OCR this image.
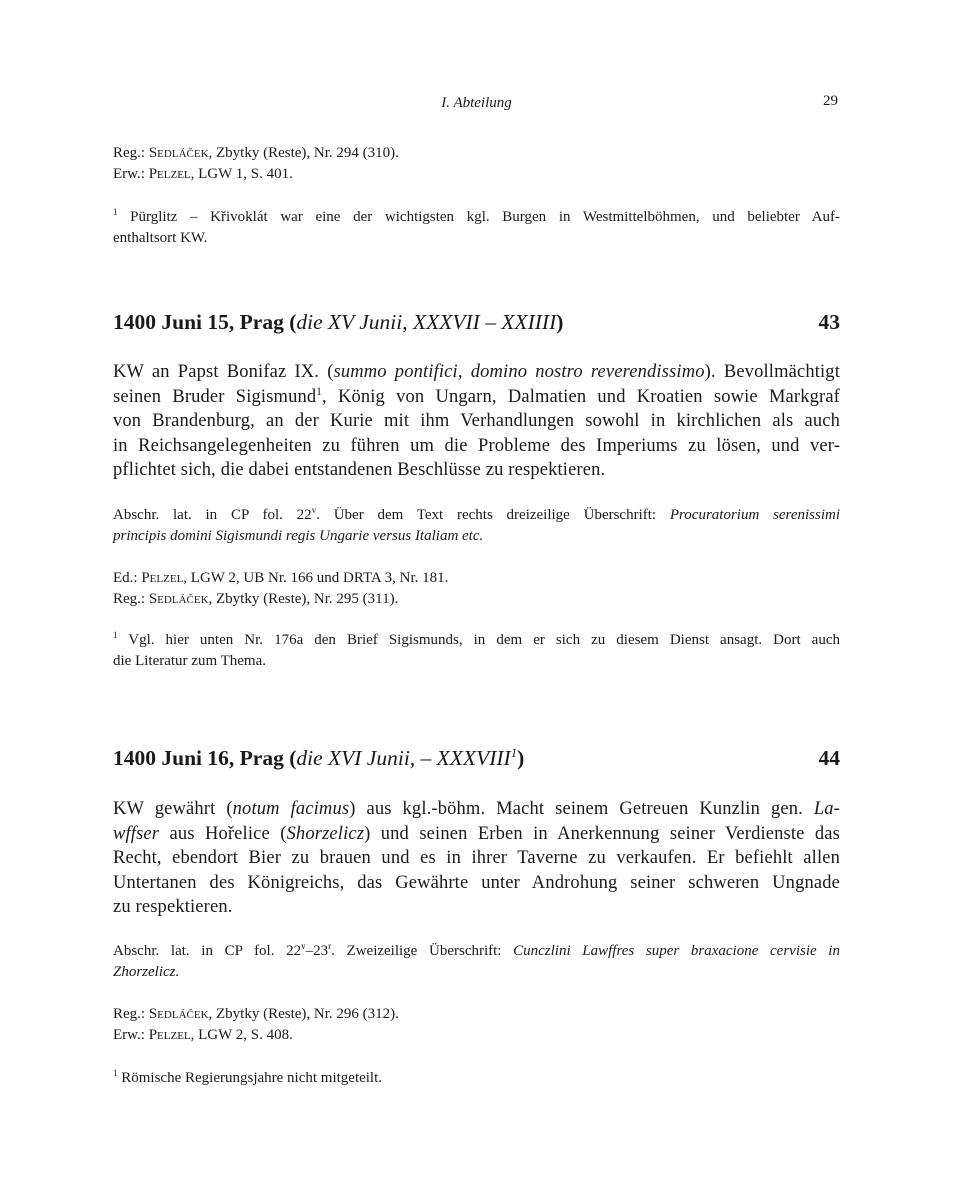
I. Abteilung	29
Reg.: Sedláček, Zbytky (Reste), Nr. 294 (310).
Erw.: Pelzel, LGW 1, S. 401.
$^1$ Pürglitz – Křivoklát war eine der wichtigsten kgl. Burgen in Westmittelböhmen, und beliebter Auf-
enthaltsort KW.
1400 Juni 15, Prag (die XV Junii, XXXVII – XXIIII)	43
KW an Papst Bonifaz IX. (summo pontifici, domino nostro reverendissimo). Bevollmächtigt
seinen Bruder Sigismund$^1$, König von Ungarn, Dalmatien und Kroatien sowie Markgraf
von Brandenburg, an der Kurie mit ihm Verhandlungen sowohl in kirchlichen als auch
in Reichsangelegenheiten zu führen um die Probleme des Imperiums zu lösen, und ver-
pflichtet sich, die dabei entstandenen Beschlüsse zu respektieren.
Abschr. lat. in CP fol. 22$^v$. Über dem Text rechts dreizeilige Überschrift: Procuratorium serenissimi
principis domini Sigismundi regis Ungarie versus Italiam etc.
Ed.: Pelzel, LGW 2, UB Nr. 166 und DRTA 3, Nr. 181.
Reg.: Sedláček, Zbytky (Reste), Nr. 295 (311).
$^1$ Vgl. hier unten Nr. 176a den Brief Sigismunds, in dem er sich zu diesem Dienst ansagt. Dort auch
die Literatur zum Thema.
1400 Juni 16, Prag (die XVI Junii, – XXXVIII$^1$)	44
KW gewährt (notum facimus) aus kgl.-böhm. Macht seinem Getreuen Kunzlin gen. La-
wffser aus Hořelice (Shorzelicz) und seinen Erben in Anerkennung seiner Verdienste das
Recht, ebendort Bier zu brauen und es in ihrer Taverne zu verkaufen. Er befiehlt allen
Untertanen des Königreichs, das Gewährte unter Androhung seiner schweren Ungnade
zu respektieren.
Abschr. lat. in CP fol. 22$^v$–23$^r$. Zweizeilige Überschrift: Cunczlini Lawffres super braxacione cervisie in
Zhorzelicz.
Reg.: Sedláček, Zbytky (Reste), Nr. 296 (312).
Erw.: Pelzel, LGW 2, S. 408.
$^1$ Römische Regierungsjahre nicht mitgeteilt.
